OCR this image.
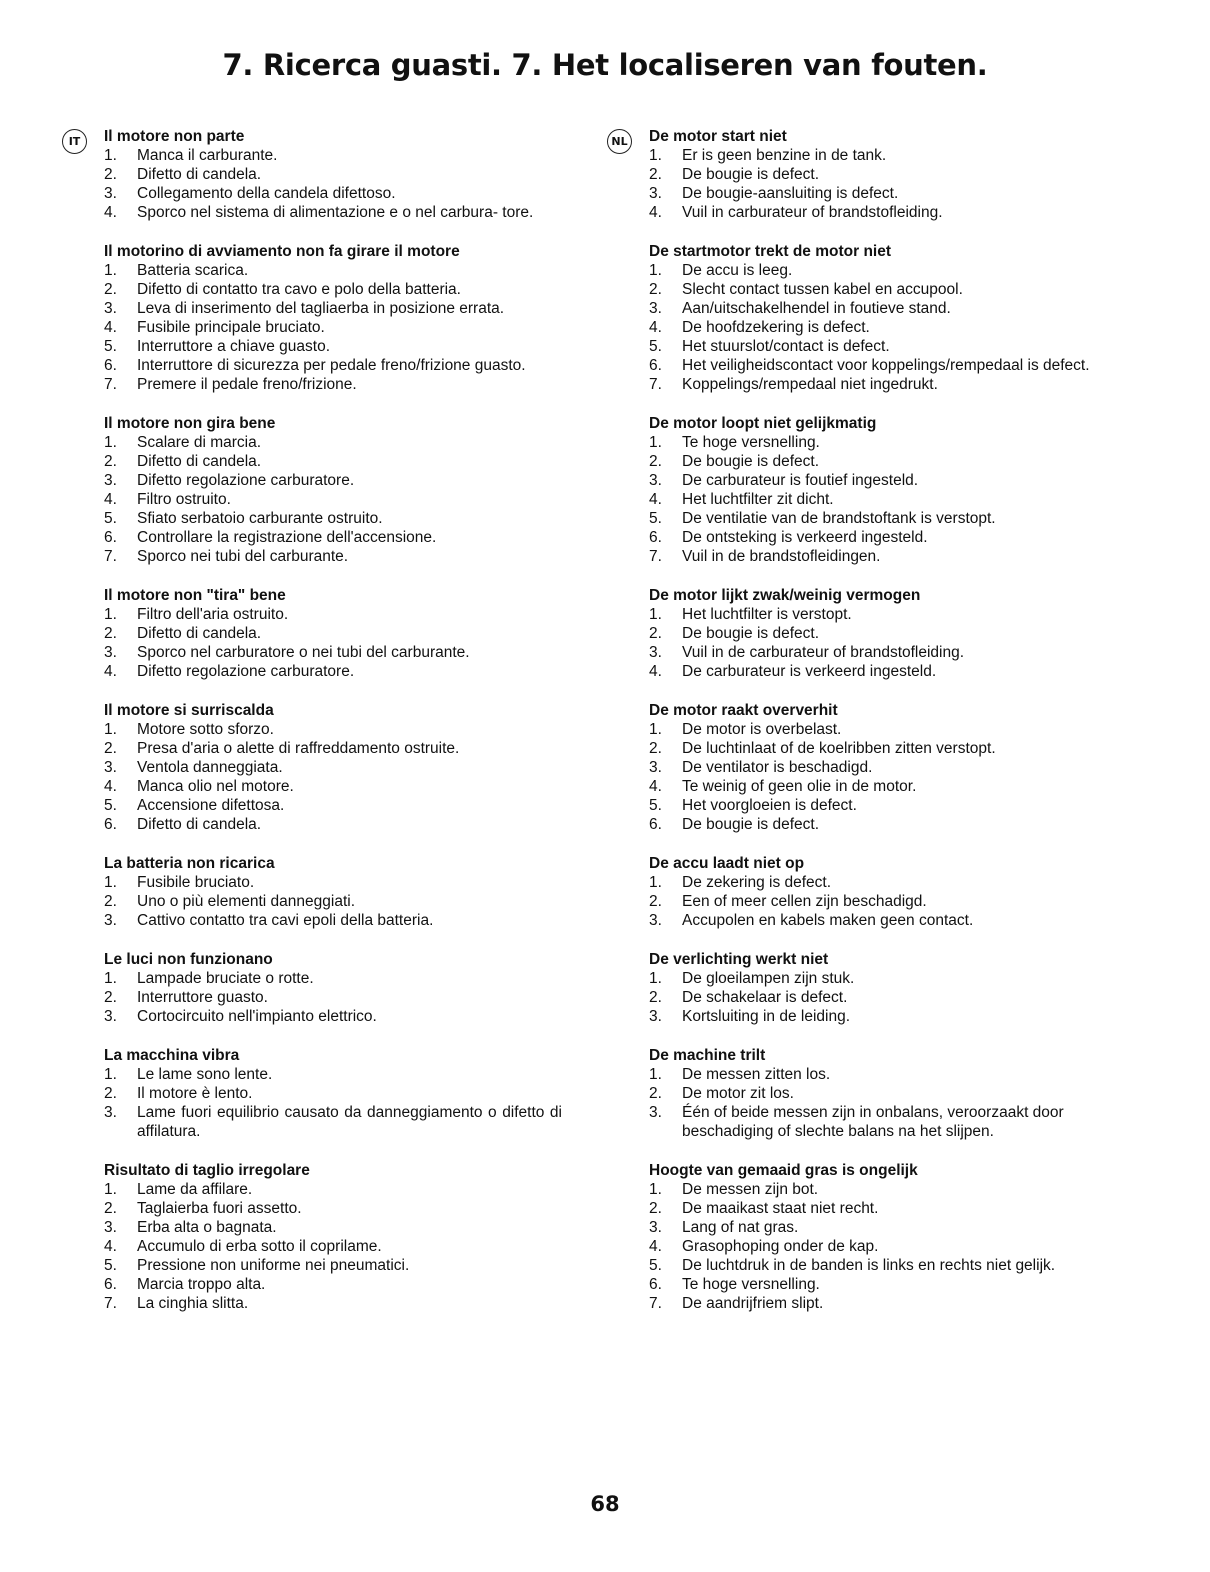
7. Ricerca guasti. 7. Het localiseren van fouten.
IT	Il motore non parte
1.	Manca il carburante.
2.	Difetto di candela.
3.	Collegamento della candela difettoso.
4.	Sporco nel sistema di alimentazione e o nel carbura- tore.
Il motorino di avviamento non fa girare il motore
1.	Batteria scarica.
2.	Difetto di contatto tra cavo e polo della batteria.
3.	Leva di inserimento del tagliaerba in posizione errata.
4.	Fusibile principale bruciato.
5.	Interruttore a chiave guasto.
6.	Interruttore di sicurezza per pedale freno/frizione guasto.
7.	Premere il pedale freno/frizione.
Il motore non gira bene
1.	Scalare di marcia.
2.	Difetto di candela.
3.	Difetto regolazione carburatore.
4.	Filtro ostruito.
5.	Sfiato serbatoio carburante ostruito.
6.	Controllare la registrazione dell'accensione.
7.	Sporco nei tubi del carburante.
Il motore non "tira" bene
1.	Filtro dell'aria ostruito.
2.	Difetto di candela.
3.	Sporco nel carburatore o nei tubi del carburante.
4.	Difetto regolazione carburatore.
Il motore si surriscalda
1.	Motore sotto sforzo.
2.	Presa d'aria o alette di raffreddamento ostruite.
3.	Ventola danneggiata.
4.	Manca olio nel motore.
5.	Accensione difettosa.
6.	Difetto di candela.
La batteria non ricarica
1.	Fusibile bruciato.
2.	Uno o più elementi danneggiati.
3.	Cattivo contatto tra cavi epoli della batteria.
Le luci non funzionano
1.	Lampade bruciate o rotte.
2.	Interruttore guasto.
3.	Cortocircuito nell'impianto elettrico.
La macchina vibra
1.	Le lame sono lente.
2.	Il motore è lento.
3.	Lame fuori equilibrio causato da danneggiamento o difetto di affilatura.
Risultato di taglio irregolare
1.	Lame da affilare.
2.	Taglaierba fuori assetto.
3.	Erba alta o bagnata.
4.	Accumulo di erba sotto il coprilame.
5.	Pressione non uniforme nei pneumatici.
6.	Marcia troppo alta.
7.	La cinghia slitta.
NL De motor start niet
1.	Er is geen benzine in de tank.
2.	De bougie is defect.
3.	De bougie-aansluiting is defect.
4.	Vuil in carburateur of brandstofleiding.
De startmotor trekt de motor niet
1.	De accu is leeg.
2.	Slecht contact tussen kabel en accupool.
3.	Aan/uitschakelhendel in foutieve stand.
4.	De hoofdzekering is defect.
5.	Het stuurslot/contact is defect.
6.	Het veiligheidscontact voor koppelings/rempedaal is defect.
7.	Koppelings/rempedaal niet ingedrukt.
De motor loopt niet gelijkmatig
1.	Te hoge versnelling.
2.	De bougie is defect.
3.	De carburateur is foutief ingesteld.
4.	Het luchtfilter zit dicht.
5.	De ventilatie van de brandstoftank is verstopt.
6.	De ontsteking is verkeerd ingesteld.
7.	Vuil in de brandstofleidingen.
De motor lijkt zwak/weinig vermogen
1.	Het luchtfilter is verstopt.
2.	De bougie is defect.
3.	Vuil in de carburateur of brandstofleiding.
4.	De carburateur is verkeerd ingesteld.
De motor raakt oververhit
1.	De motor is overbelast.
2.	De luchtinlaat of de koelribben zitten verstopt.
3.	De ventilator is beschadigd.
4.	Te weinig of geen olie in de motor.
5.	Het voorgloeien is defect.
6.	De bougie is defect.
De accu laadt niet op
1.	De zekering is defect.
2.	Een of meer cellen zijn beschadigd.
3.	Accupolen en kabels maken geen contact.
De verlichting werkt niet
1.	De gloeilampen zijn stuk.
2.	De schakelaar is defect.
3.	Kortsluiting in de leiding.
De machine trilt
1.	De messen zitten los.
2.	De motor zit los.
3.	Één of beide messen zijn in onbalans, veroorzaakt door beschadiging of slechte balans na het slijpen.
Hoogte van gemaaid gras is ongelijk
1.	De messen zijn bot.
2.	De maaikast staat niet recht.
3.	Lang of nat gras.
4.	Grasophoping onder de kap.
5.	De luchtdruk in de banden is links en rechts niet gelijk.
6.	Te hoge versnelling.
7.	De aandrijfriem slipt.
68
